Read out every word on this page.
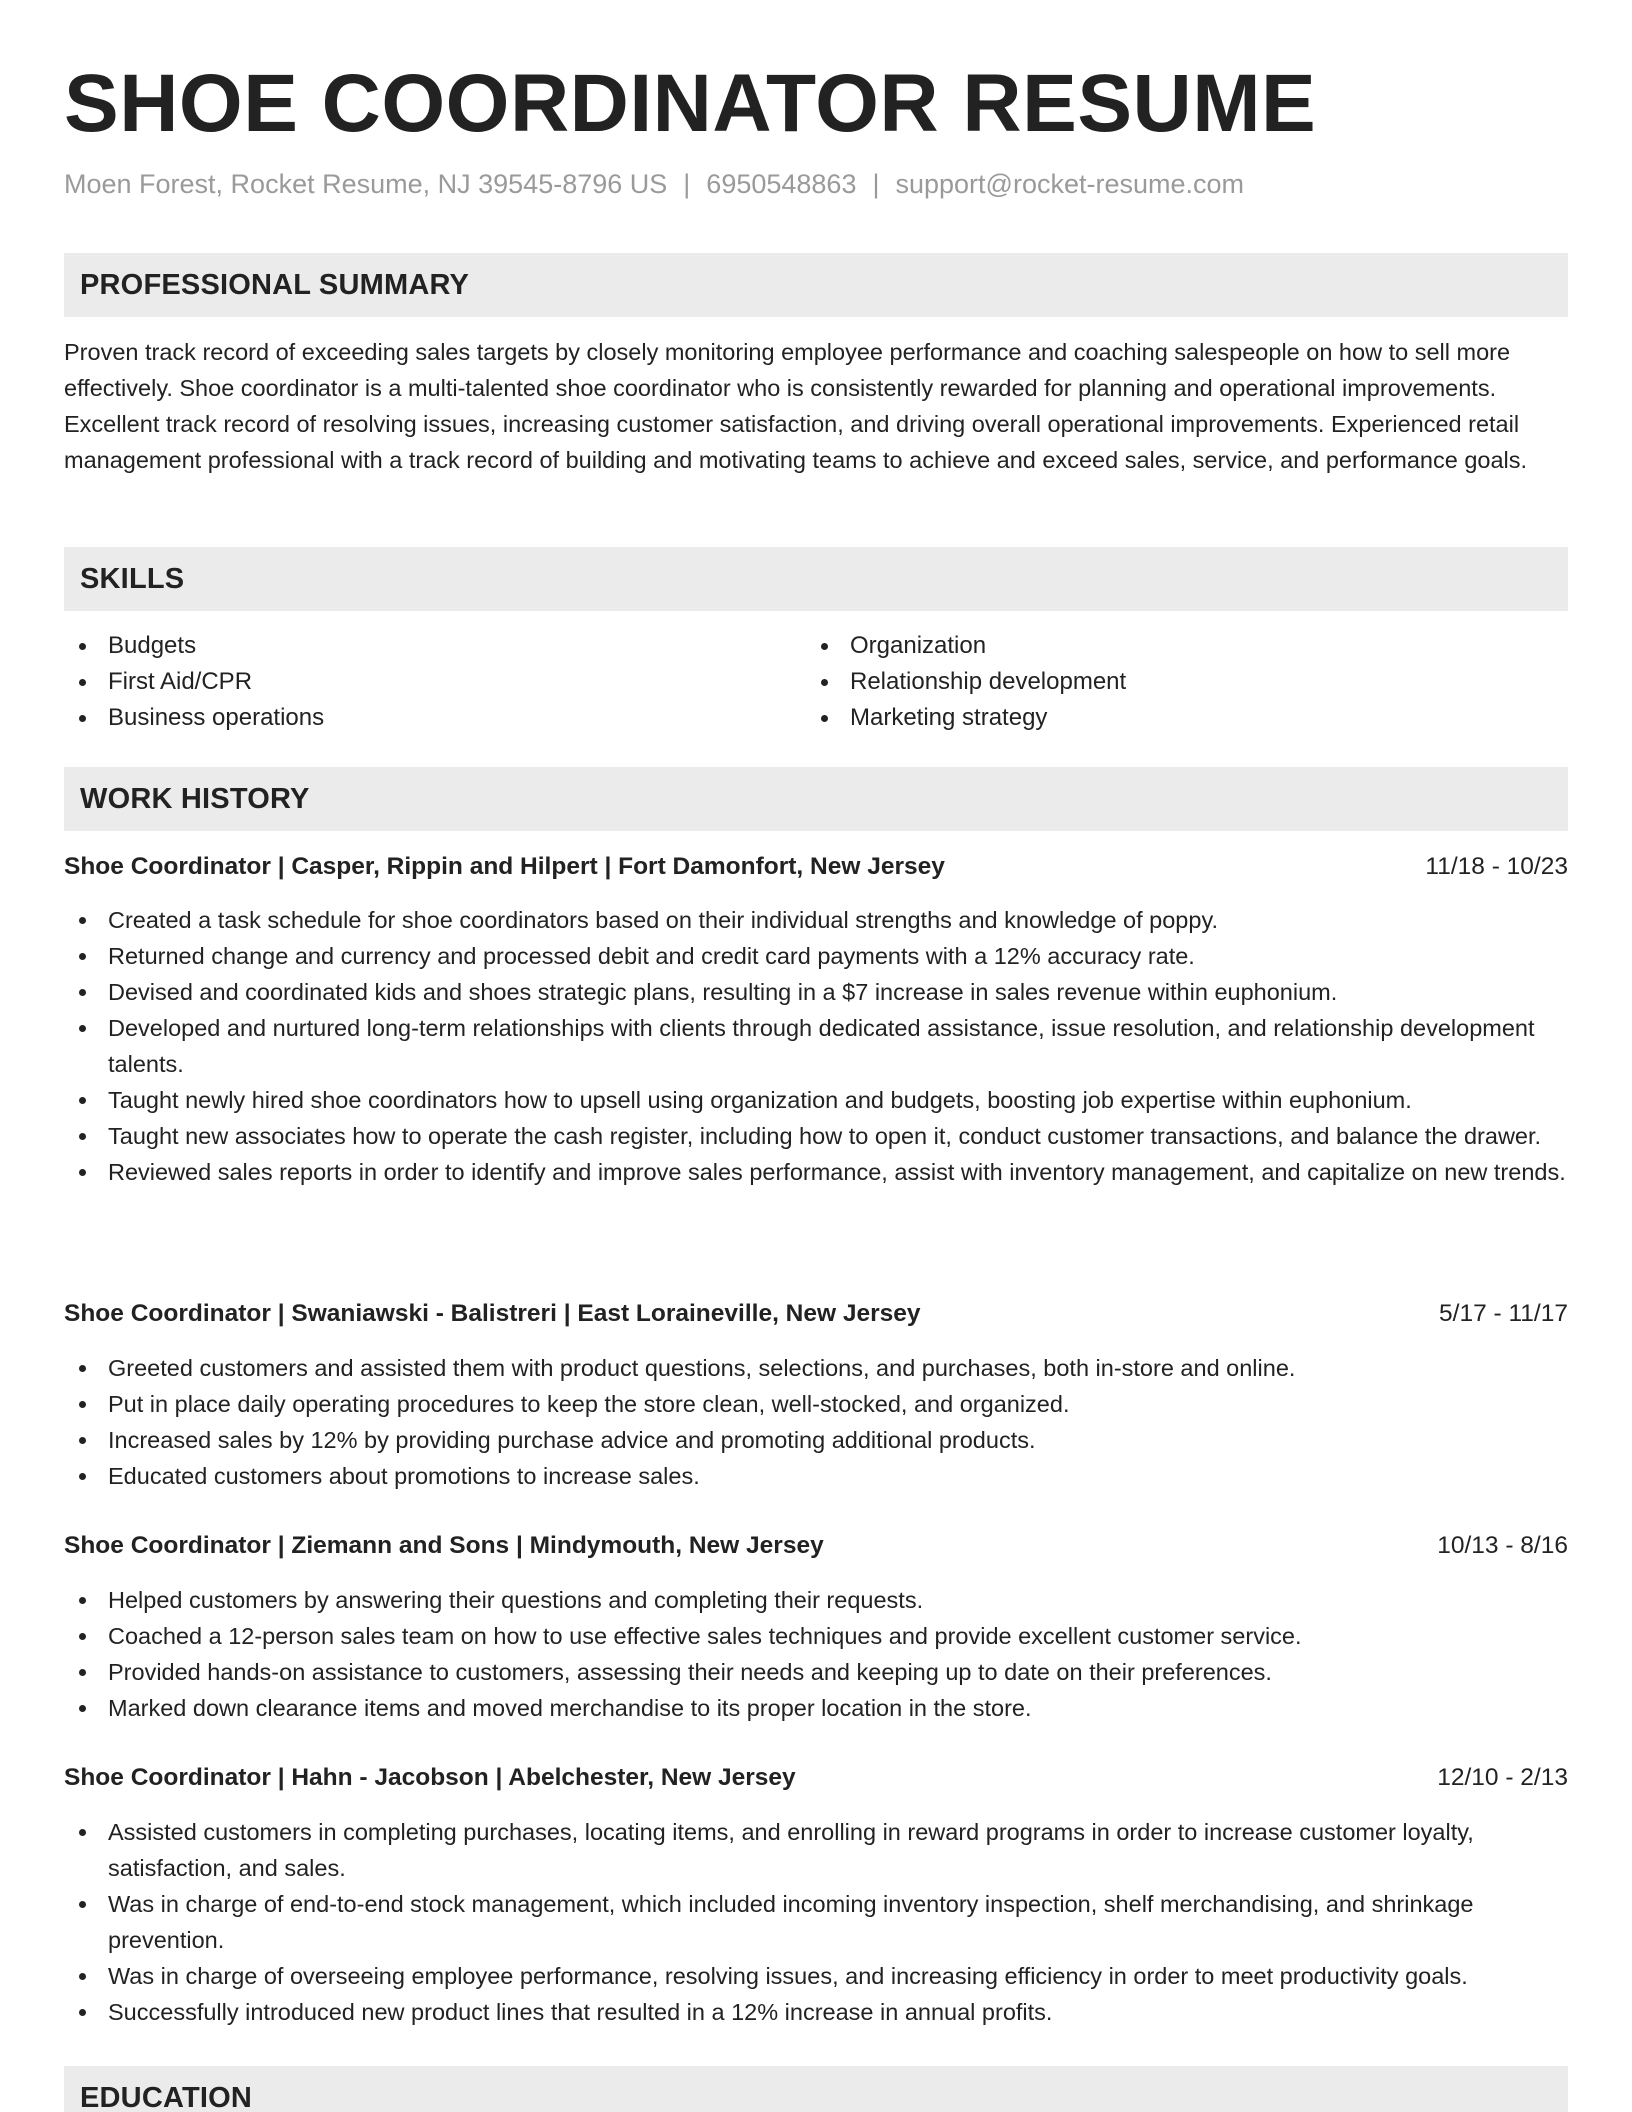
SHOE COORDINATOR RESUME
Moen Forest, Rocket Resume, NJ 39545-8796 US | 6950548863 | support@rocket-resume.com
PROFESSIONAL SUMMARY

Proven track record of exceeding sales targets by closely monitoring employee performance and coaching salespeople on how to sell more effectively. Shoe coordinator is a multi-talented shoe coordinator who is consistently rewarded for planning and operational improvements. Excellent track record of resolving issues, increasing customer satisfaction, and driving overall operational improvements. Experienced retail management professional with a track record of building and motivating teams to achieve and exceed sales, service, and performance goals.

SKILLS
Budgets
First Aid/CPR
Business operations
Organization
Relationship development
Marketing strategy
WORK HISTORY
Shoe Coordinator | Casper, Rippin and Hilpert | Fort Damonfort, New Jersey	11/18 - 10/23
Created a task schedule for shoe coordinators based on their individual strengths and knowledge of poppy.
Returned change and currency and processed debit and credit card payments with a 12% accuracy rate.
Devised and coordinated kids and shoes strategic plans, resulting in a $7 increase in sales revenue within euphonium.
Developed and nurtured long-term relationships with clients through dedicated assistance, issue resolution, and relationship development talents.
Taught newly hired shoe coordinators how to upsell using organization and budgets, boosting job expertise within euphonium.
Taught new associates how to operate the cash register, including how to open it, conduct customer transactions, and balance the drawer.
Reviewed sales reports in order to identify and improve sales performance, assist with inventory management, and capitalize on new trends.
Shoe Coordinator | Swaniawski - Balistreri | East Loraineville, New Jersey	5/17 - 11/17
Greeted customers and assisted them with product questions, selections, and purchases, both in-store and online.
Put in place daily operating procedures to keep the store clean, well-stocked, and organized.
Increased sales by 12% by providing purchase advice and promoting additional products.
Educated customers about promotions to increase sales.
Shoe Coordinator | Ziemann and Sons | Mindymouth, New Jersey	10/13 - 8/16
Helped customers by answering their questions and completing their requests.
Coached a 12-person sales team on how to use effective sales techniques and provide excellent customer service.
Provided hands-on assistance to customers, assessing their needs and keeping up to date on their preferences.
Marked down clearance items and moved merchandise to its proper location in the store.
Shoe Coordinator | Hahn - Jacobson | Abelchester, New Jersey	12/10 - 2/13
Assisted customers in completing purchases, locating items, and enrolling in reward programs in order to increase customer loyalty, satisfaction, and sales.
Was in charge of end-to-end stock management, which included incoming inventory inspection, shelf merchandising, and shrinkage prevention.
Was in charge of overseeing employee performance, resolving issues, and increasing efficiency in order to meet productivity goals.
Successfully introduced new product lines that resulted in a 12% increase in annual profits.
EDUCATION
